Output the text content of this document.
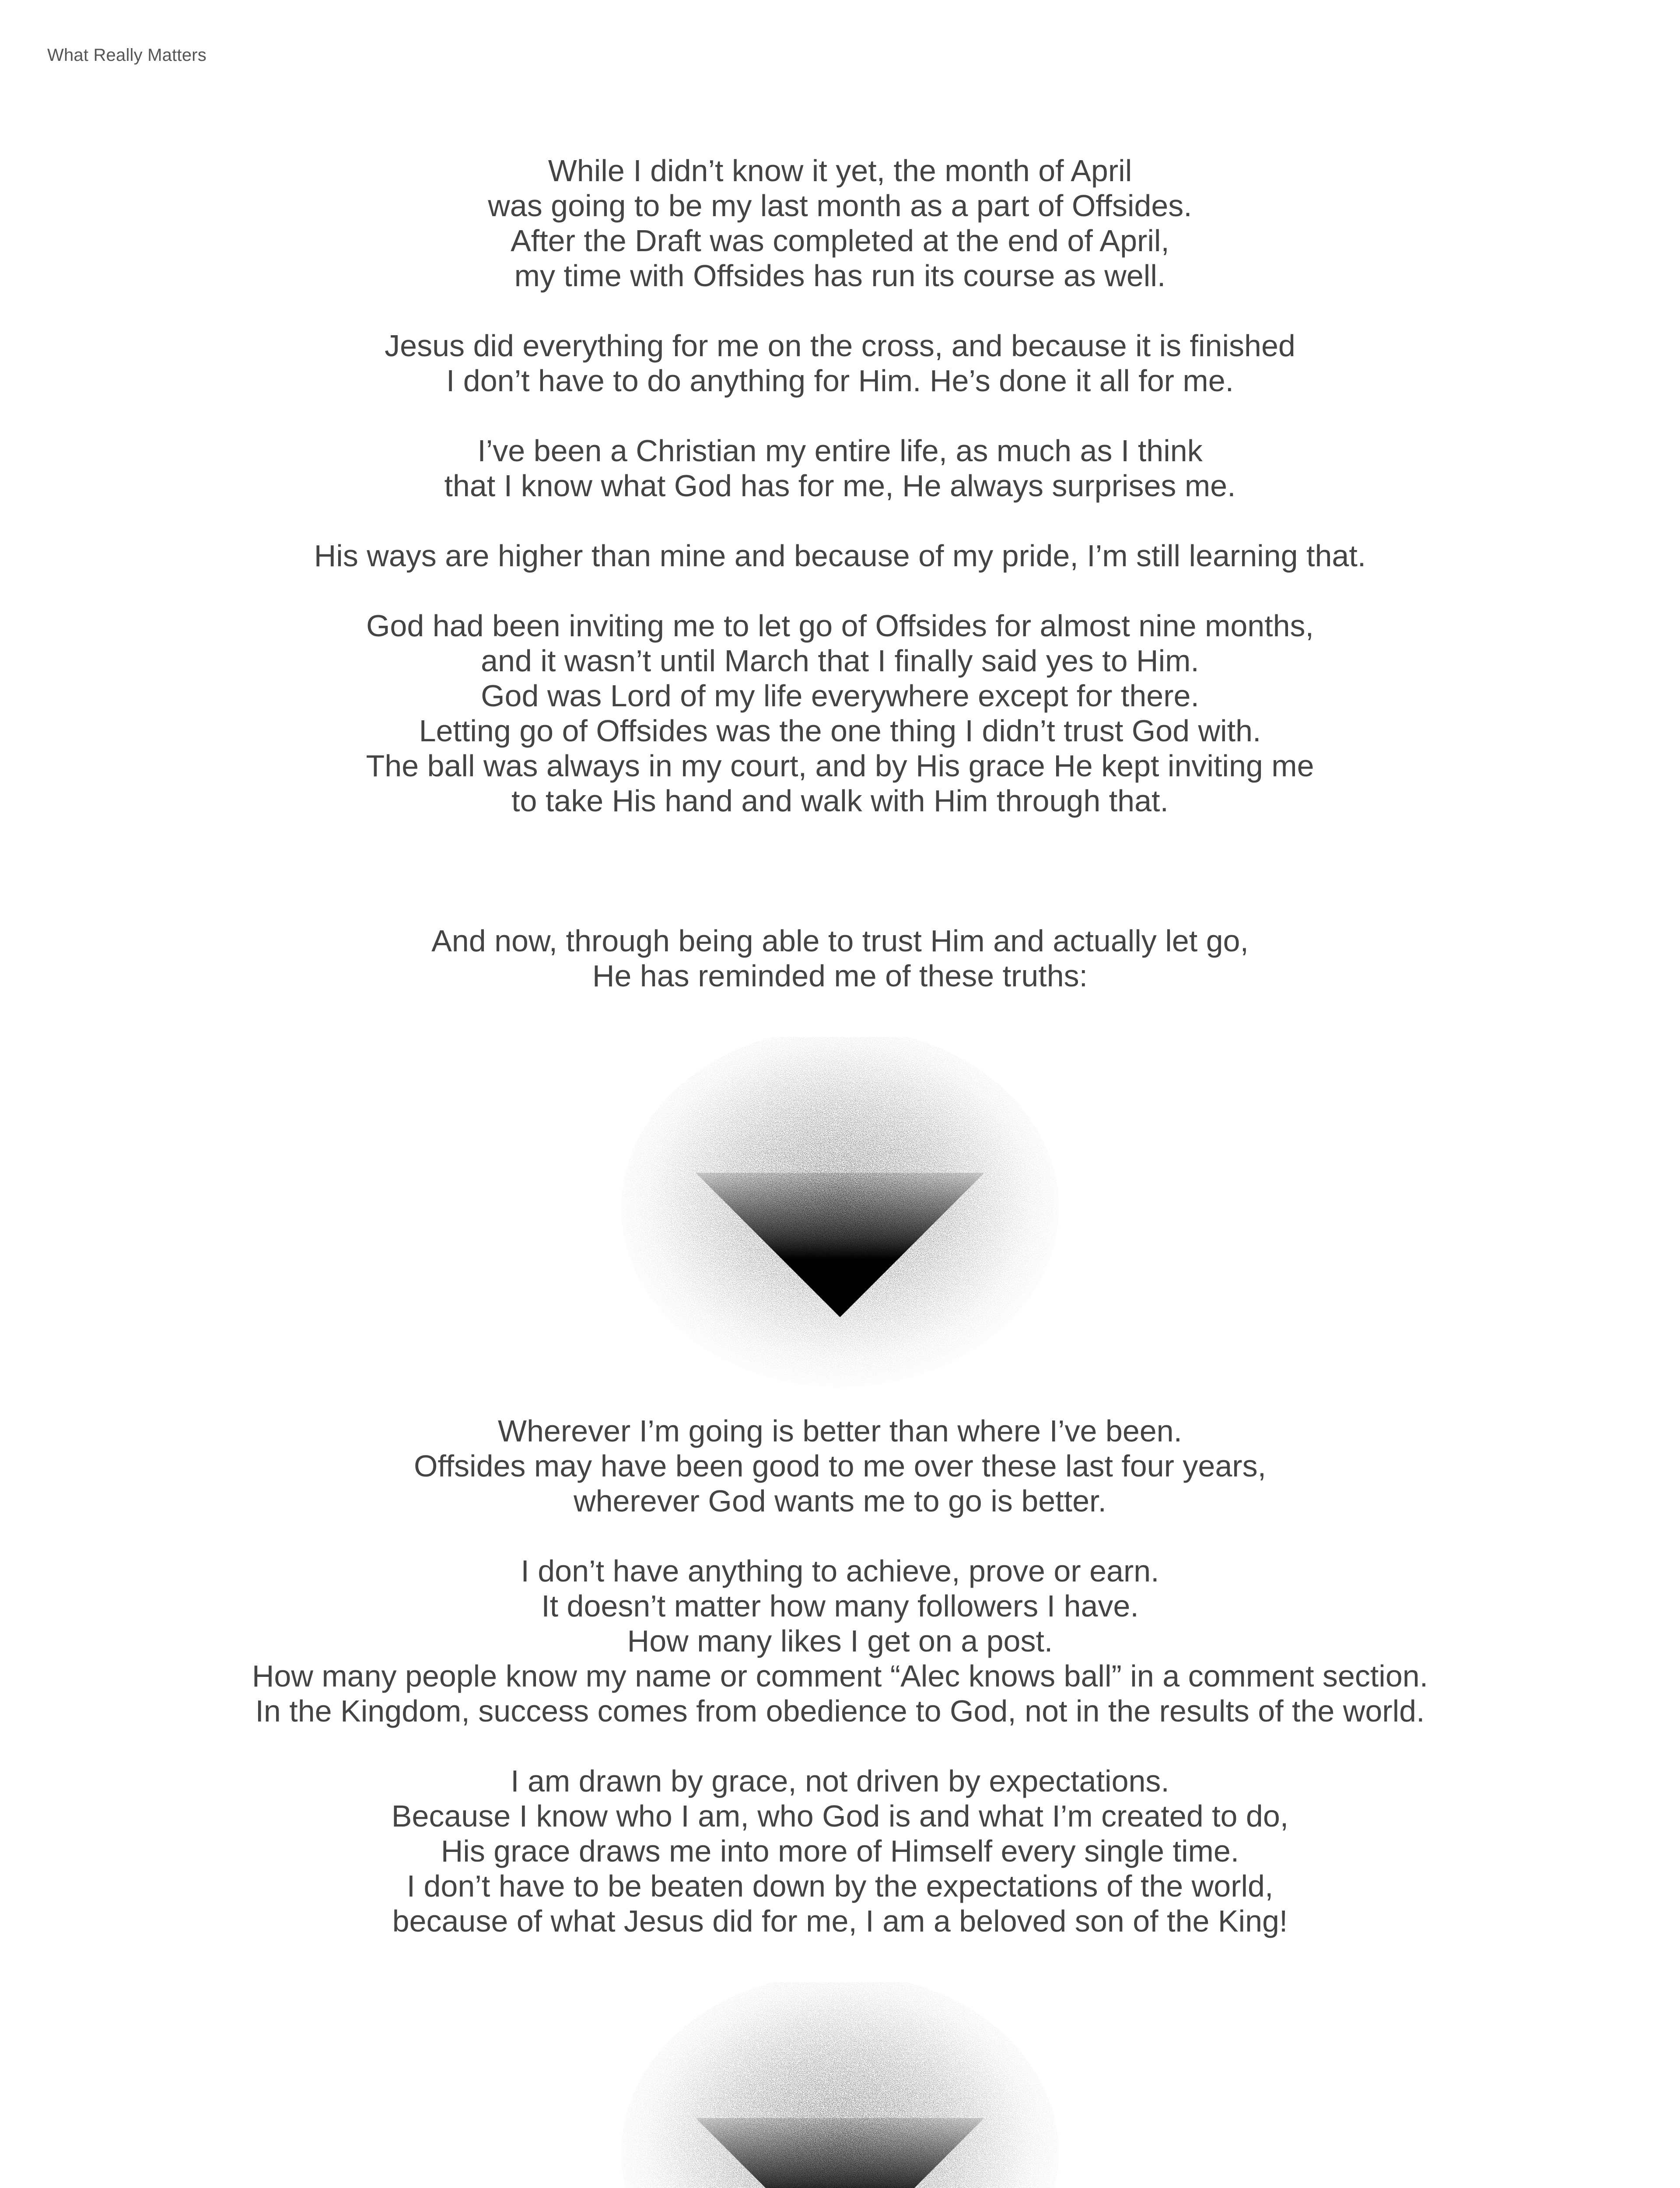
What Really Matters
While I didn’t know it yet, the month of April
was going to be my last month as a part of Offsides.
After the Draft was completed at the end of April,
my time with Offsides has run its course as well.
Jesus did everything for me on the cross, and because it is finished
I don’t have to do anything for Him. He’s done it all for me.
I’ve been a Christian my entire life, as much as I think
that I know what God has for me, He always surprises me.
His ways are higher than mine and because of my pride, I’m still learning that.
God had been inviting me to let go of Offsides for almost nine months,
and it wasn’t until March that I finally said yes to Him.
God was Lord of my life everywhere except for there.
Letting go of Offsides was the one thing I didn’t trust God with.
The ball was always in my court, and by His grace He kept inviting me
to take His hand and walk with Him through that.
And now, through being able to trust Him and actually let go,
He has reminded me of these truths:
Wherever I’m going is better than where I’ve been.
Offsides may have been good to me over these last four years,
wherever God wants me to go is better.
I don’t have anything to achieve, prove or earn.
It doesn’t matter how many followers I have.
How many likes I get on a post.
How many people know my name or comment “Alec knows ball” in a comment section.
In the Kingdom, success comes from obedience to God, not in the results of the world.
I am drawn by grace, not driven by expectations.
Because I know who I am, who God is and what I’m created to do,
His grace draws me into more of Himself every single time.
I don’t have to be beaten down by the expectations of the world,
because of what Jesus did for me, I am a beloved son of the King!
